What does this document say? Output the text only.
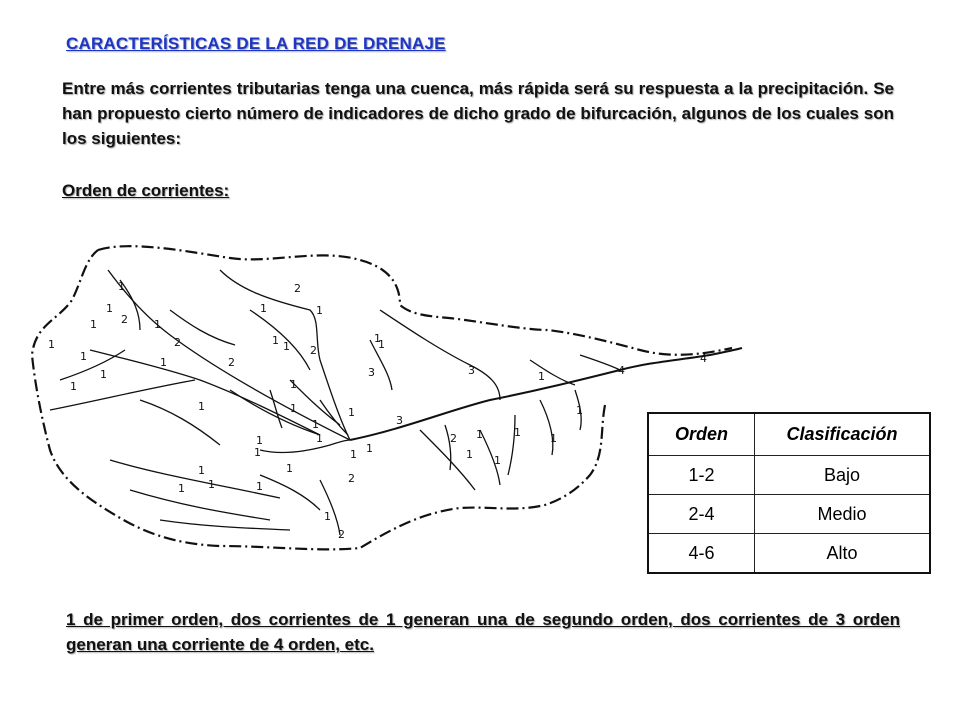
CARACTERÍSTICAS DE LA RED DE DRENAJE

Entre más corrientes tributarias tenga una cuenca, más rápida será su respuesta a la precipitación. Se han propuesto cierto número de indicadores de dicho grado de bifurcación, algunos de los cuales son los siguientes:

Orden de corrientes:
1
1
2
1
1
2
1
1
1
2
1
1
2
1
1
1
1
1
1
3
1
1
2
1
1
1
1
1
3
1
1
1
2
1
1
1
1
1
2
1
3
1
1
2	1
1
1
1
1
4
4
Orden	Clasificación
1-2	Bajo
2-4	Medio
4-6	Alto

1 de primer orden, dos corrientes de 1 generan una de segundo orden, dos corrientes de 3 orden generan una corriente de 4 orden, etc.
